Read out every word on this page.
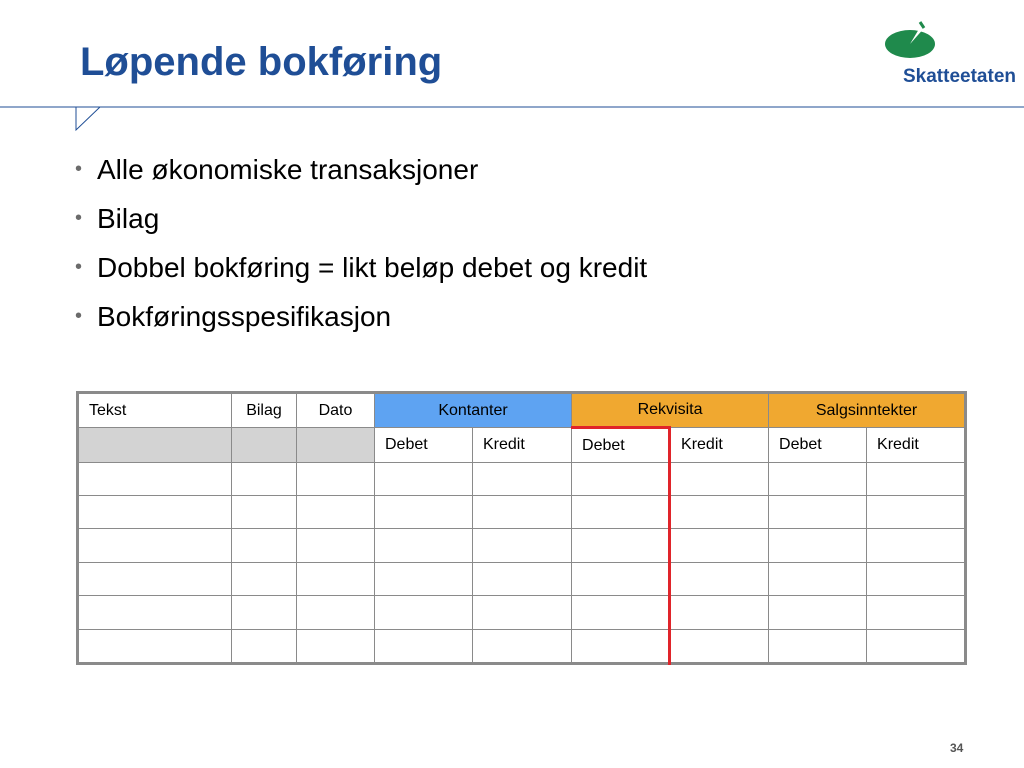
Løpende bokføring	Skatteetaten
• Alle økonomiske transaksjoner
• Bilag
• Dobbel bokføring = likt beløp debet og kredit
• Bokføringsspesifikasjon
Tekst	Bilag	Dato	Kontanter		Rekvisita		Salgsinntekter	
			Debet	Kredit	Debet	Kredit	Debet	Kredit

34
